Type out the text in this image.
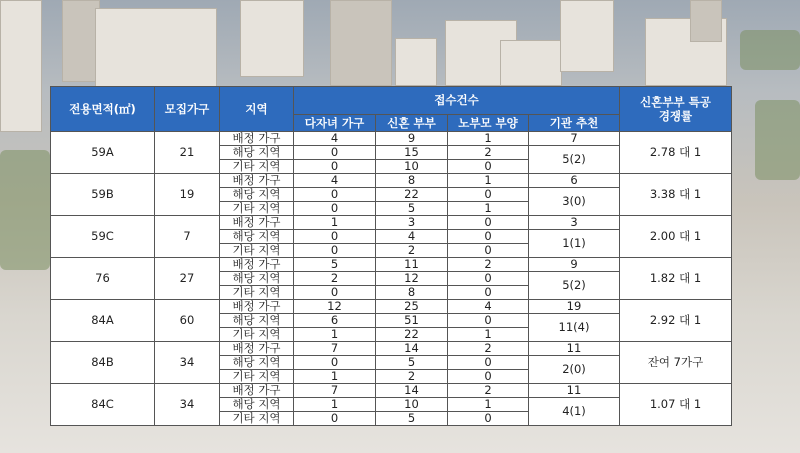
전용면적(㎡)	모집가구	지역	접수건수				신혼부부 특공
경쟁률
			다자녀 가구	신혼 부부	노부모 부양	기관 추천	
59A	21	배정 가구	4	9	1	7	2.78 대 1
		해당 지역	0	15	2	5(2)	
		기타 지역	0	10	0		
59B	19	배정 가구	4	8	1	6	3.38 대 1
		해당 지역	0	22	0	3(0)	
		기타 지역	0	5	1		
59C	7	배정 가구	1	3	0	3	2.00 대 1
		해당 지역	0	4	0	1(1)	
		기타 지역	0	2	0		
76	27	배정 가구	5	11	2	9	1.82 대 1
		해당 지역	2	12	0	5(2)	
		기타 지역	0	8	0		
84A	60	배정 가구	12	25	4	19	2.92 대 1
		해당 지역	6	51	0	11(4)	
		기타 지역	1	22	1		
84B	34	배정 가구	7	14	2	11	잔여 7가구
		해당 지역	0	5	0	2(0)	
		기타 지역	1	2	0		
84C	34	배정 가구	7	14	2	11	1.07 대 1
		해당 지역	1	10	1	4(1)	
		기타 지역	0	5	0		
